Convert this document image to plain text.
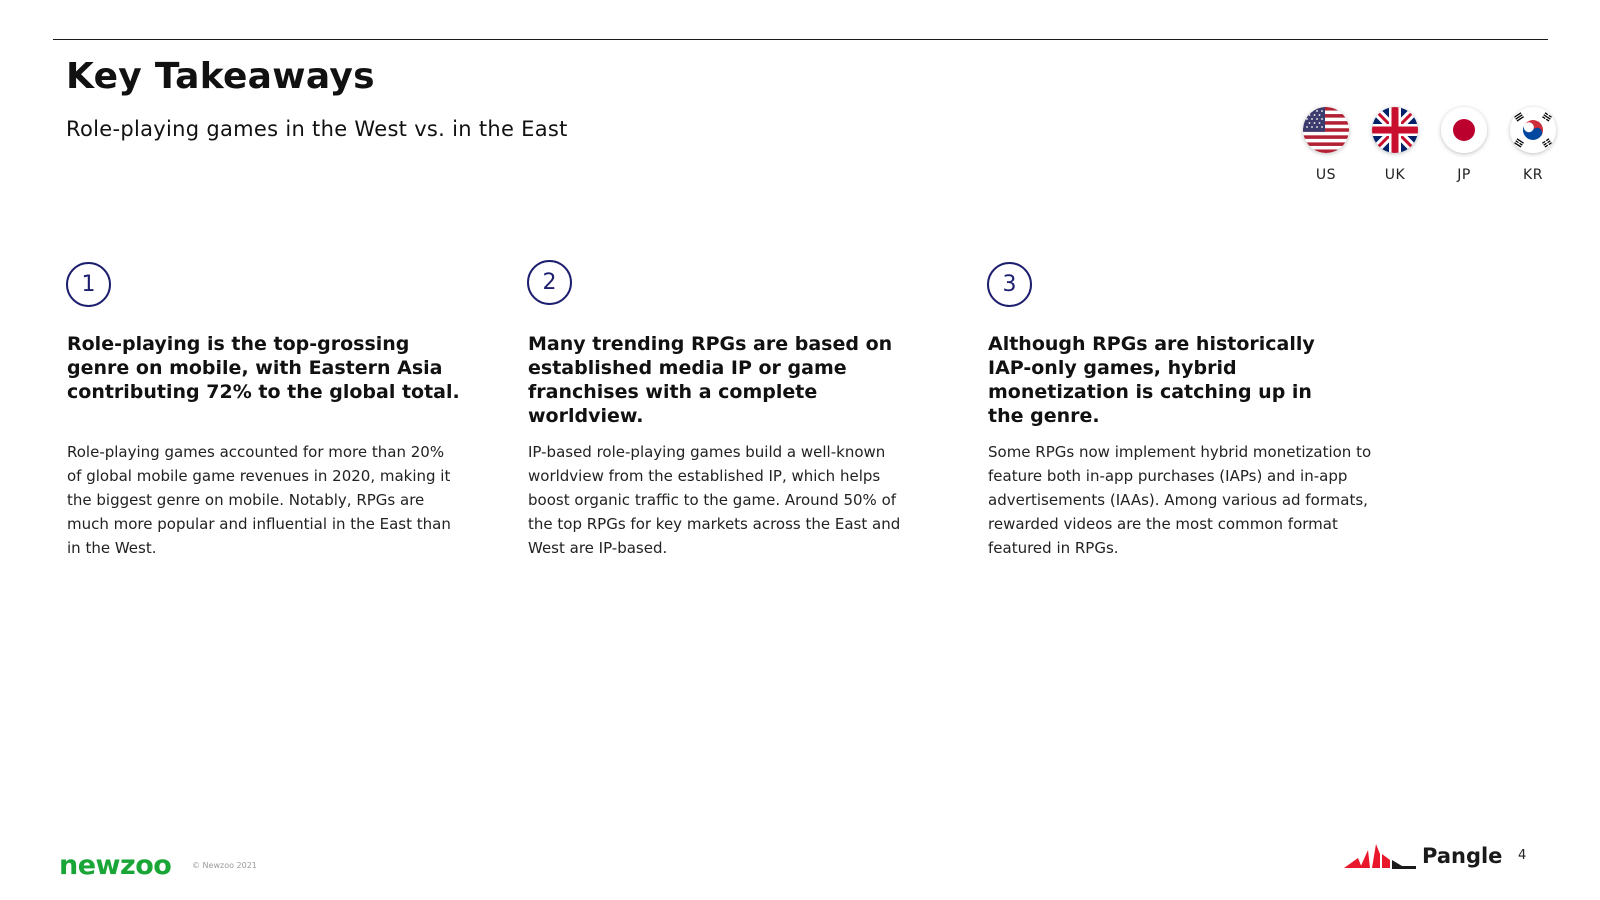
Key Takeaways
Role-playing games in the West vs. in the East
US	UK	JP	KR
1

Role-playing is the top-grossing genre on mobile, with Eastern Asia contributing 72% to the global total.

Role-playing games accounted for more than 20% of global mobile game revenues in 2020, making it the biggest genre on mobile. Notably, RPGs are much more popular and influential in the East than in the West.

2

Many trending RPGs are based on established media IP or game franchises with a complete worldview.

IP-based role-playing games build a well-known worldview from the established IP, which helps boost organic traffic to the game. Around 50% of the top RPGs for key markets across the East and West are IP-based.

3

Although RPGs are historically IAP-only games, hybrid monetization is catching up in the genre.

Some RPGs now implement hybrid monetization to feature both in-app purchases (IAPs) and in-app advertisements (IAAs). Among various ad formats, rewarded videos are the most common format featured in RPGs.

newzoo	© Newzoo 2021	Pangle 4
